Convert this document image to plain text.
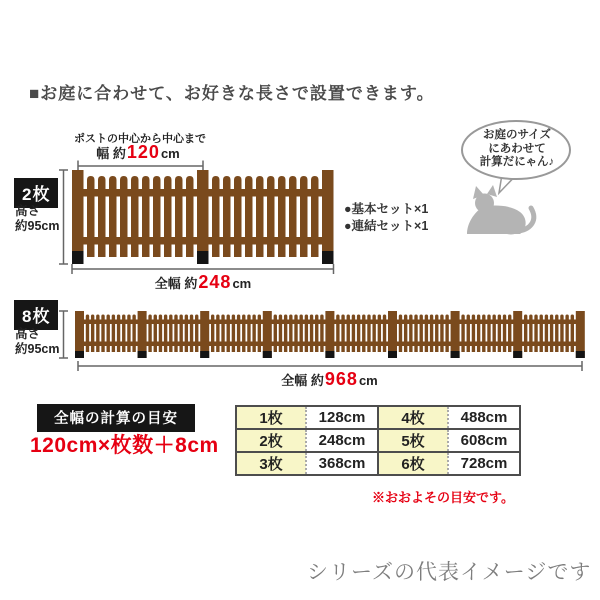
■お庭に合わせて、お好きな長さで設置できます。
ポストの中心から中心まで
幅 約 120 cm
2枚
高さ
約95cm
●基本セット×1
●連結セット×1
全幅 約 248 cm
お庭のサイズ
にあわせて
計算だにゃん♪
8枚
高さ
約95cm
全幅 約 968 cm
全幅の計算の目安
120cm×枚数＋8cm
1枚	128cm	4枚	488cm
2枚	248cm	5枚	608cm
3枚	368cm	6枚	728cm
※おおよその目安です。
シリーズの代表イメージです
